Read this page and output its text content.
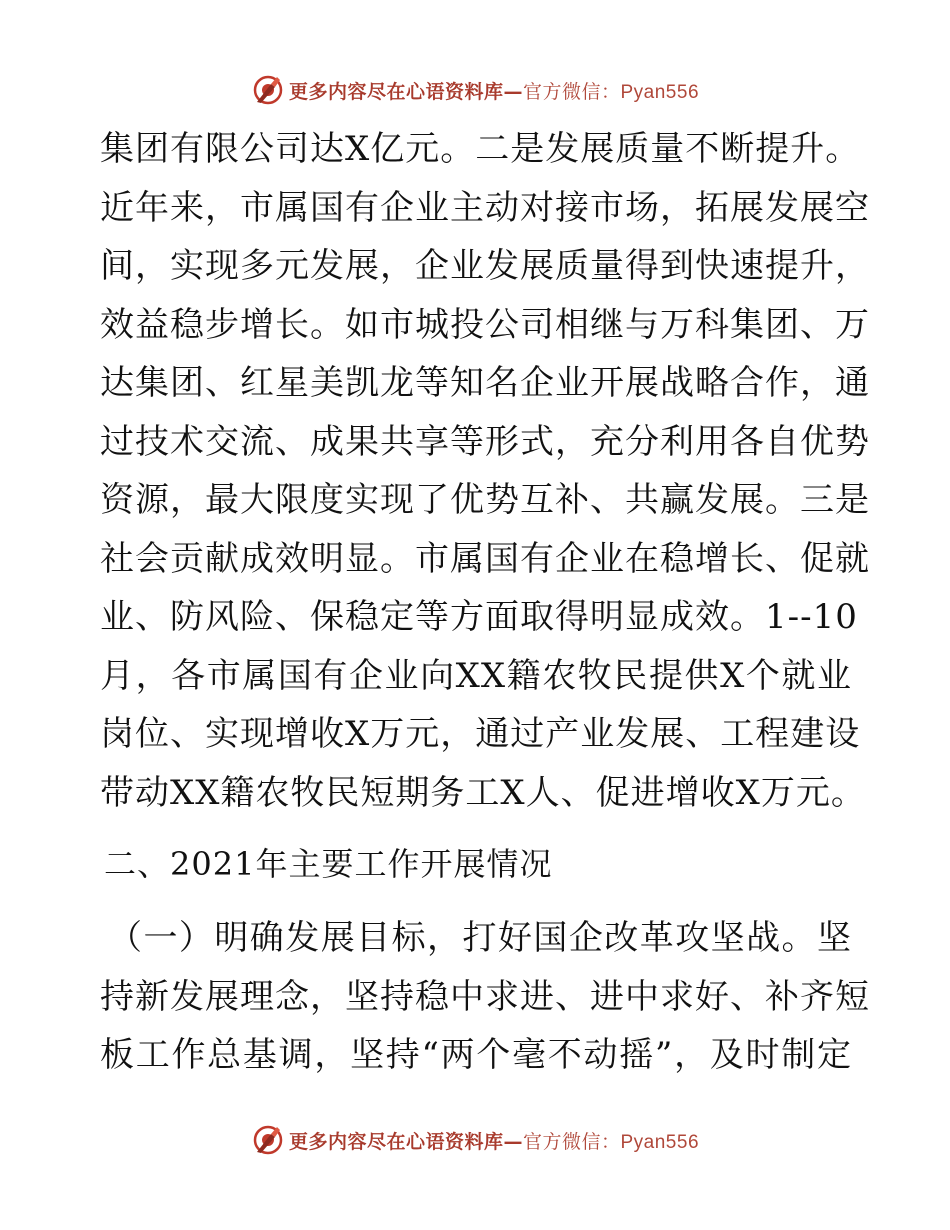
更多内容尽在心语资料库—官方微信：Pyan556
集团有限公司达X亿元。二是发展质量不断提升。
近年来，市属国有企业主动对接市场，拓展发展空
间，实现多元发展，企业发展质量得到快速提升，
效益稳步增长。如市城投公司相继与万科集团、万
达集团、红星美凯龙等知名企业开展战略合作，通
过技术交流、成果共享等形式，充分利用各自优势
资源，最大限度实现了优势互补、共赢发展。三是
社会贡献成效明显。市属国有企业在稳增长、促就
业、防风险、保稳定等方面取得明显成效。1--10
月，各市属国有企业向XX籍农牧民提供X个就业
岗位、实现增收X万元，通过产业发展、工程建设
带动XX籍农牧民短期务工X人、促进增收X万元。
二、2021年主要工作开展情况
（一）明确发展目标，打好国企改革攻坚战。坚
持新发展理念，坚持稳中求进、进中求好、补齐短
板工作总基调，坚持“两个毫不动摇”，及时制定
更多内容尽在心语资料库—官方微信：Pyan556
